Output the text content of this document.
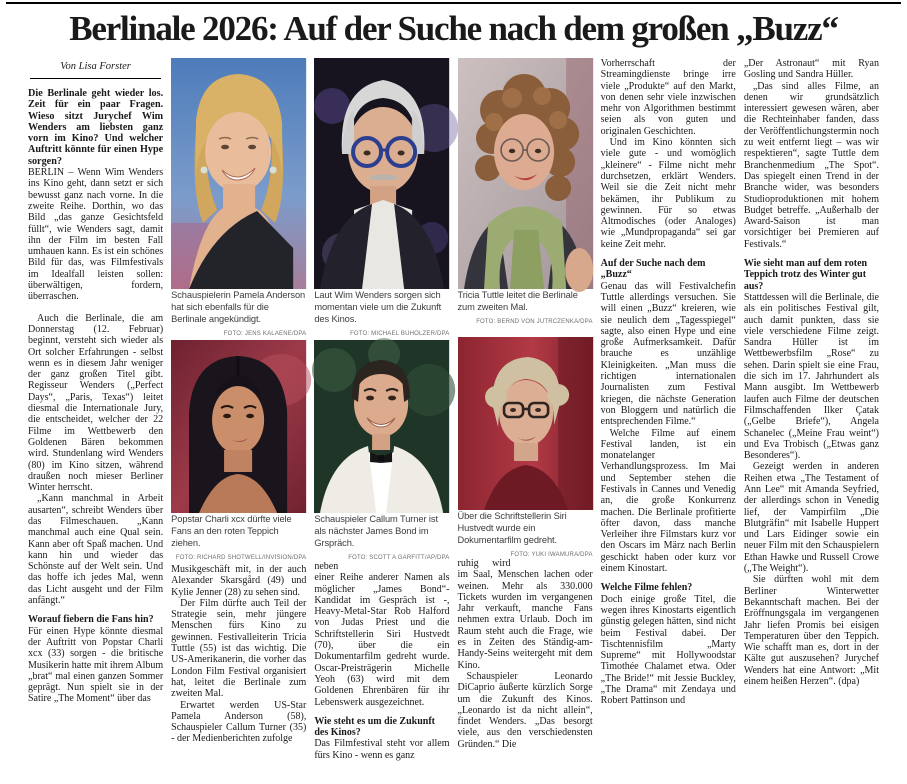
Berlinale 2026: Auf der Suche nach dem großen „Buzz“
Von Lisa Forster

Die Berlinale geht wieder los. Zeit für ein paar Fragen. Wieso sitzt Jurychef Wim Wenders am liebsten ganz vorn im Kino? Und welcher Auftritt könnte für einen Hype sorgen?

BERLIN – Wenn Wim Wenders ins Kino geht, dann setzt er sich bewusst ganz nach vorne. In die zweite Reihe. Dorthin, wo das Bild „das ganze Gesichtsfeld füllt“, wie Wenders sagt, damit ihn der Film im besten Fall umhauen kann. Es ist ein schönes Bild für das, was Filmfestivals im Idealfall leisten sollen: überwältigen, fordern, überraschen.

Auch die Berlinale, die am Donnerstag (12. Februar) beginnt, versteht sich wieder als Ort solcher Erfahrungen - selbst wenn es in diesem Jahr weniger der ganz großen Titel gibt. Regisseur Wenders („Perfect Days“, „Paris, Texas“) leitet diesmal die Internationale Jury, die entscheidet, welcher der 22 Filme im Wettbewerb den Goldenen Bären bekommen wird. Stundenlang wird Wenders (80) im Kino sitzen, während draußen noch mieser Berliner Winter herrscht.

„Kann manchmal in Arbeit ausarten“, schreibt Wenders über das Filmeschauen. „Kann manchmal auch eine Qual sein. Kann aber oft Spaß machen. Und kann hin und wieder das Schönste auf der Welt sein. Und das hoffe ich jedes Mal, wenn das Licht ausgeht und der Film anfängt.“

Worauf fiebern die Fans hin?

Für einen Hype könnte diesmal der Auftritt von Popstar Charli xcx (33) sorgen - die britische Musikerin hatte mit ihrem Album „brat“ mal einen ganzen Sommer geprägt. Nun spielt sie in der Satire „The Moment“ über das

Schauspielerin Pamela Anderson hat sich ebenfalls für die Berlinale angekündigt.
FOTO: JENS KALAENE/DPA
Popstar Charli xcx dürfte viele Fans an den roten Teppich ziehen.
FOTO: RICHARD SHOTWELL/INVISION/DPA

Musikgeschäft mit, in der auch Alexander Skarsgård (49) und Kylie Jenner (28) zu sehen sind.

Der Film dürfte auch Teil der Strategie sein, mehr jüngere Menschen fürs Kino zu gewinnen. Festivalleiterin Tricia Tuttle (55) ist das wichtig. Die US-Amerikanerin, die vorher das London Film Festival organisiert hat, leitet die Berlinale zum zweiten Mal.

Erwartet werden US-Star Pamela Anderson (58), Schauspieler Callum Turner (35) - der Medienberichten zufolge

Laut Wim Wenders sorgen sich momentan viele um die Zukunft des Kinos.
FOTO: MICHAEL BUHOLZER/DPA
Schauspieler Callum Turner ist als nächster James Bond im Grspräch.
FOTO: SCOTT A GARFITT/AP/DPA

neben einer Reihe anderer Namen als möglicher „James Bond“-Kandidat im Gespräch ist -, Heavy-Metal-Star Rob Halford von Judas Priest und die Schriftstellerin Siri Hustvedt (70), über die ein Dokumentarfilm gedreht wurde. Oscar-Preisträgerin Michelle Yeoh (63) wird mit dem Goldenen Ehrenbären für ihr Lebenswerk ausgezeichnet.

Wie steht es um die Zukunft des Kinos?

Das Filmfestival steht vor allem fürs Kino - wenn es ganz

Tricia Tuttle leitet die Berlinale zum zweiten Mal.
FOTO: BERND VON JUTRCZENKA/DPA
Über die Schriftstellerin Siri Hustvedt wurde ein Dokumentarfilm gedreht.
FOTO: YUKI IWAMURA/DPA

ruhig wird im Saal, Menschen lachen oder weinen. Mehr als 330.000 Tickets wurden im vergangenen Jahr verkauft, manche Fans nehmen extra Urlaub. Doch im Raum steht auch die Frage, wie es in Zeiten des Ständig-am-Handy-Seins weitergeht mit dem Kino.

Schauspieler Leonardo DiCaprio äußerte kürzlich Sorge um die Zukunft des Kinos. „Leonardo ist da nicht allein“, findet Wenders. „Das besorgt viele, aus den verschiedensten Gründen.“ Die

Vorherrschaft der Streamingdienste bringe irre viele „Produkte“ auf den Markt, von denen sehr viele inzwischen mehr von Algorithmen bestimmt seien als von guten und originalen Geschichten.

Und im Kino könnten sich viele gute - und womöglich „kleinere“ - Filme nicht mehr durchsetzen, erklärt Wenders. Weil sie die Zeit nicht mehr bekämen, ihr Publikum zu gewinnen. Für so etwas Altmodisches (oder Analoges) wie „Mundpropaganda“ sei gar keine Zeit mehr.

Auf der Suche nach dem „Buzz“

Genau das will Festivalchefin Tuttle allerdings versuchen. Sie will einen „Buzz“ kreieren, wie sie neulich dem „Tagesspiegel“ sagte, also einen Hype und eine große Aufmerksamkeit. Dafür brauche es unzählige Kleinigkeiten. „Man muss die richtigen internationalen Journalisten zum Festival kriegen, die nächste Generation von Bloggern und natürlich die entsprechenden Filme.“

Welche Filme auf einem Festival landen, ist ein monatelanger Verhandlungsprozess. Im Mai und September stehen die Festivals in Cannes und Venedig an, die große Konkurrenz machen. Die Berlinale profitierte öfter davon, dass manche Verleiher ihre Filmstars kurz vor den Oscars im März nach Berlin geschickt haben oder kurz vor einem Kinostart.

Welche Filme fehlen?

Doch einige große Titel, die wegen ihres Kinostarts eigentlich günstig gelegen hätten, sind nicht beim Festival dabei. Der Tischtennisfilm „Marty Supreme“ mit Hollywoodstar Timothée Chalamet etwa. Oder „The Bride!“ mit Jessie Buckley, „The Drama“ mit Zendaya und Robert Pattinson und

„Der Astronaut“ mit Ryan Gosling und Sandra Hüller.

„Das sind alles Filme, an denen wir grundsätzlich interessiert gewesen wären, aber die Rechteinhaber fanden, dass der Veröffentlichungstermin noch zu weit entfernt liegt – was wir respektieren“, sagte Tuttle dem Branchenmedium „The Spot“. Das spiegelt einen Trend in der Branche wider, was besonders Studioproduktionen mit hohem Budget betreffe. „Außerhalb der Award-Saison ist man vorsichtiger bei Premieren auf Festivals.“

Wie sieht man auf dem roten Teppich trotz des Winter gut aus?

Stattdessen will die Berlinale, die als ein politisches Festival gilt, auch damit punkten, dass sie viele verschiedene Filme zeigt. Sandra Hüller ist im Wettbewerbsfilm „Rose“ zu sehen. Darin spielt sie eine Frau, die sich im 17. Jahrhundert als Mann ausgibt. Im Wettbewerb laufen auch Filme der deutschen Filmschaffenden Ilker Çatak („Gelbe Briefe“), Angela Schanelec („Meine Frau weint“) und Eva Trobisch („Etwas ganz Besonderes“).

Gezeigt werden in anderen Reihen etwa „The Testament of Ann Lee“ mit Amanda Seyfried, der allerdings schon in Venedig lief, der Vampirfilm „Die Blutgräfin“ mit Isabelle Huppert und Lars Eidinger sowie ein neuer Film mit den Schauspielern Ethan Hawke und Russell Crowe („The Weight“).

Sie dürften wohl mit dem Berliner Winterwetter Bekanntschaft machen. Bei der Eröffnungsgala im vergangenen Jahr liefen Promis bei eisigen Temperaturen über den Teppich. Wie schafft man es, dort in der Kälte gut auszusehen? Jurychef Wenders hat eine Antwort: „Mit einem heißen Herzen“. (dpa)
